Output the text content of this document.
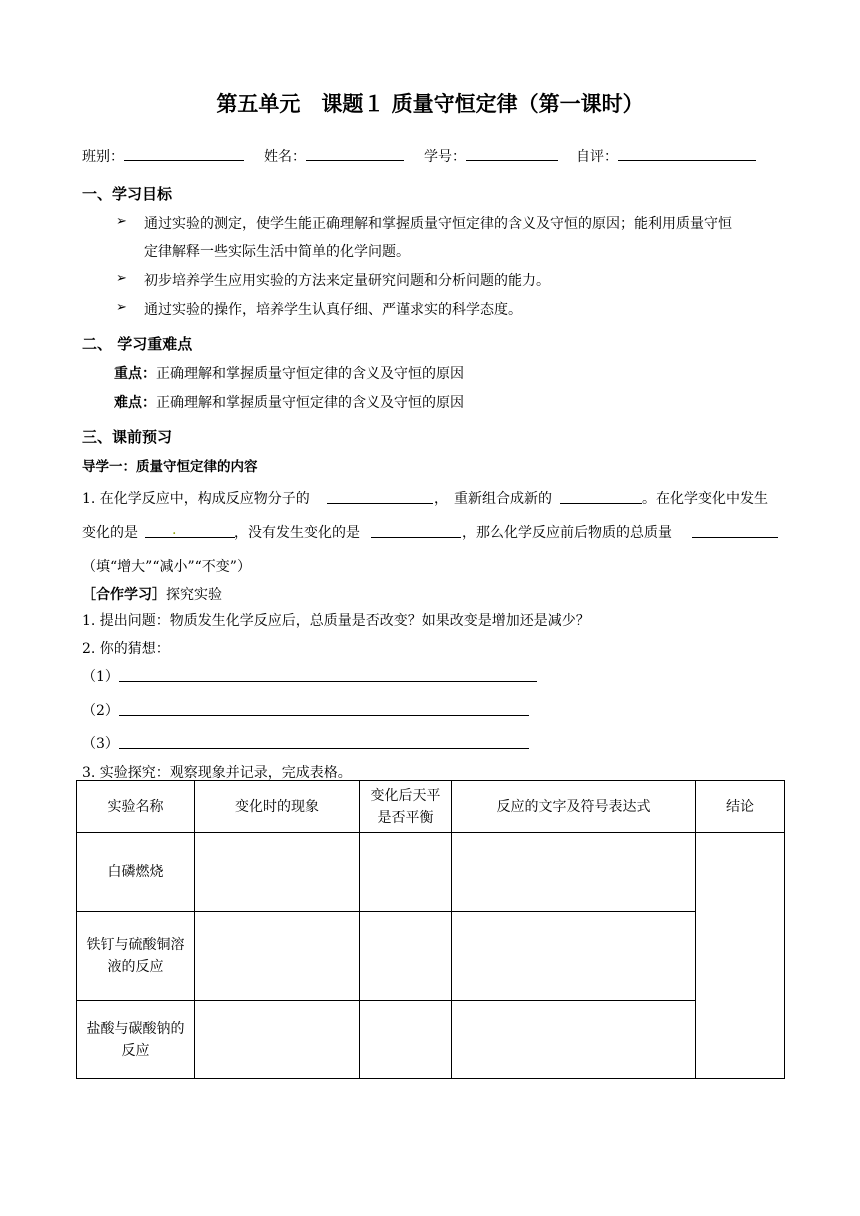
第五单元　课题１ 质量守恒定律（第一课时）
班别：	姓名：	学号：	自评：
一、学习目标
➢ 通过实验的测定，使学生能正确理解和掌握质量守恒定律的含义及守恒的原因；能利用质量守恒
定律解释一些实际生活中简单的化学问题。
➢ 初步培养学生应用实验的方法来定量研究问题和分析问题的能力。
➢ 通过实验的操作，培养学生认真仔细、严谨求实的科学态度。
二、 学习重难点
重点：正确理解和掌握质量守恒定律的含义及守恒的原因
难点：正确理解和掌握质量守恒定律的含义及守恒的原因
三、课前预习
导学一：质量守恒定律的内容
1. 在化学反应中，构成反应物分子的	， 重新组合成新的	。在化学变化中发生
变化的是 .	，没有发生变化的是	，那么化学反应前后物质的总质量
（填“增大”“减小”“不变”）
［合作学习］探究实验
1. 提出问题：物质发生化学反应后，总质量是否改变？如果改变是增加还是减少？
2. 你的猜想：
（1）
（2）
（3）
3. 实验探究：观察现象并记录，完成表格。
实验名称	变化时的现象	变化后天平是否平衡	反应的文字及符号表达式	结论
白磷燃烧				
铁钉与硫酸铜溶液的反应				
盐酸与碳酸钠的反应				
